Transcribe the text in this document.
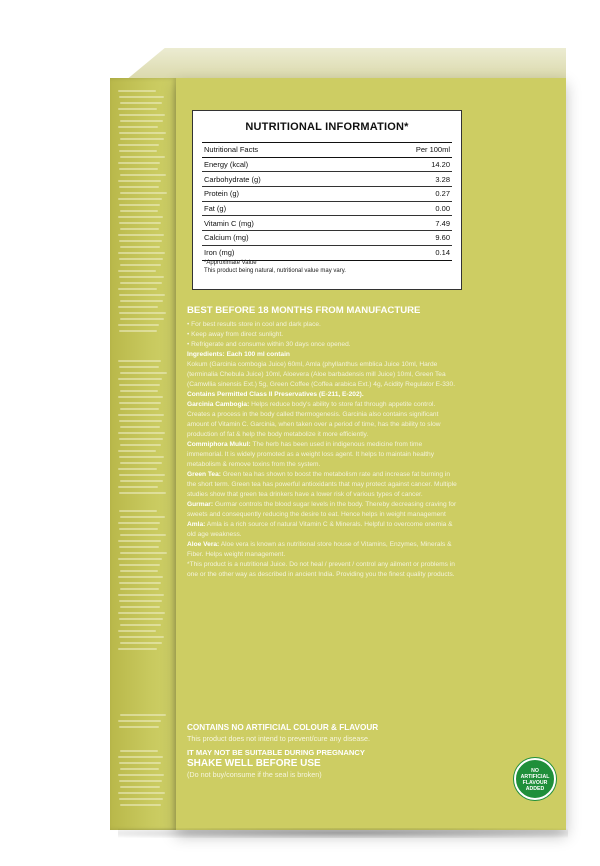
NUTRITIONAL INFORMATION*
Nutritional Facts	Per 100ml
Energy (kcal)	14.20
Carbohydrate (g)	3.28
Protein (g)	0.27
Fat (g)	0.00
Vitamin C (mg)	7.49
Calcium (mg)	9.60
Iron (mg)	0.14
*Approximate Value
This product being natural, nutritional value may vary.

BEST BEFORE 18 MONTHS FROM MANUFACTURE

• For best results store in cool and dark place.

• Keep away from direct sunlight.

• Refrigerate and consume within 30 days once opened.

Ingredients: Each 100 ml contain

Kokum (Garcinia combogia Juice) 60ml, Amla (phyllanthus emblica Juice 10ml, Harde (terminalia Chebula Juice) 10ml, Aloevera (Aloe barbadensis mill Juice) 10ml, Green Tea (Camwllia sinensis Ext.) 5g, Green Coffee (Coffea arabica Ext.) 4g, Acidity Regulator E-330.

Contains Permitted Class II Preservatives (E-211, E-202).

Garcinia Cambogia: Helps reduce body's ability to store fat through appetite control. Creates a process in the body called thermogenesis. Garcinia also contains significant amount of Vitamin C. Garcinia, when taken over a period of time, has the ability to slow production of fat & help the body metabolize it more efficiently.

Commiphora Mukul: The herb has been used in indigenous medicine from time immemorial. It is widely promoted as a weight loss agent. It helps to maintain healthy metabolism & remove toxins from the system.

Green Tea: Green tea has shown to boost the metabolism rate and increase fat burning in the short term. Green tea has powerful antioxidants that may protect against cancer. Multiple studies show that green tea drinkers have a lower risk of various types of cancer.

Gurmar: Gurmar controls the blood sugar levels in the body. Thereby decreasing craving for sweets and consequently reducing the desire to eat. Hence helps in weight management

Amla: Amla is a rich source of natural Vitamin C & Minerals. Helpful to overcome onemia & old age weakness.

Aloe Vera: Aloe vera is known as nutritional store house of Vitamins, Enzymes, Minerals & Fiber. Helps weight management.

*This product is a nutritional Juice. Do not heal / prevent / control any ailment or problems in one or the other way as described in ancient India. Providing you the finest quality products.

CONTAINS NO ARTIFICIAL COLOUR & FLAVOUR
This product does not intend to prevent/cure any disease.
IT MAY NOT BE SUITABLE DURING PREGNANCY
SHAKE WELL BEFORE USE
(Do not buy/consume if the seal is broken)	NO
ARTIFICIAL
FLAVOUR
ADDED
